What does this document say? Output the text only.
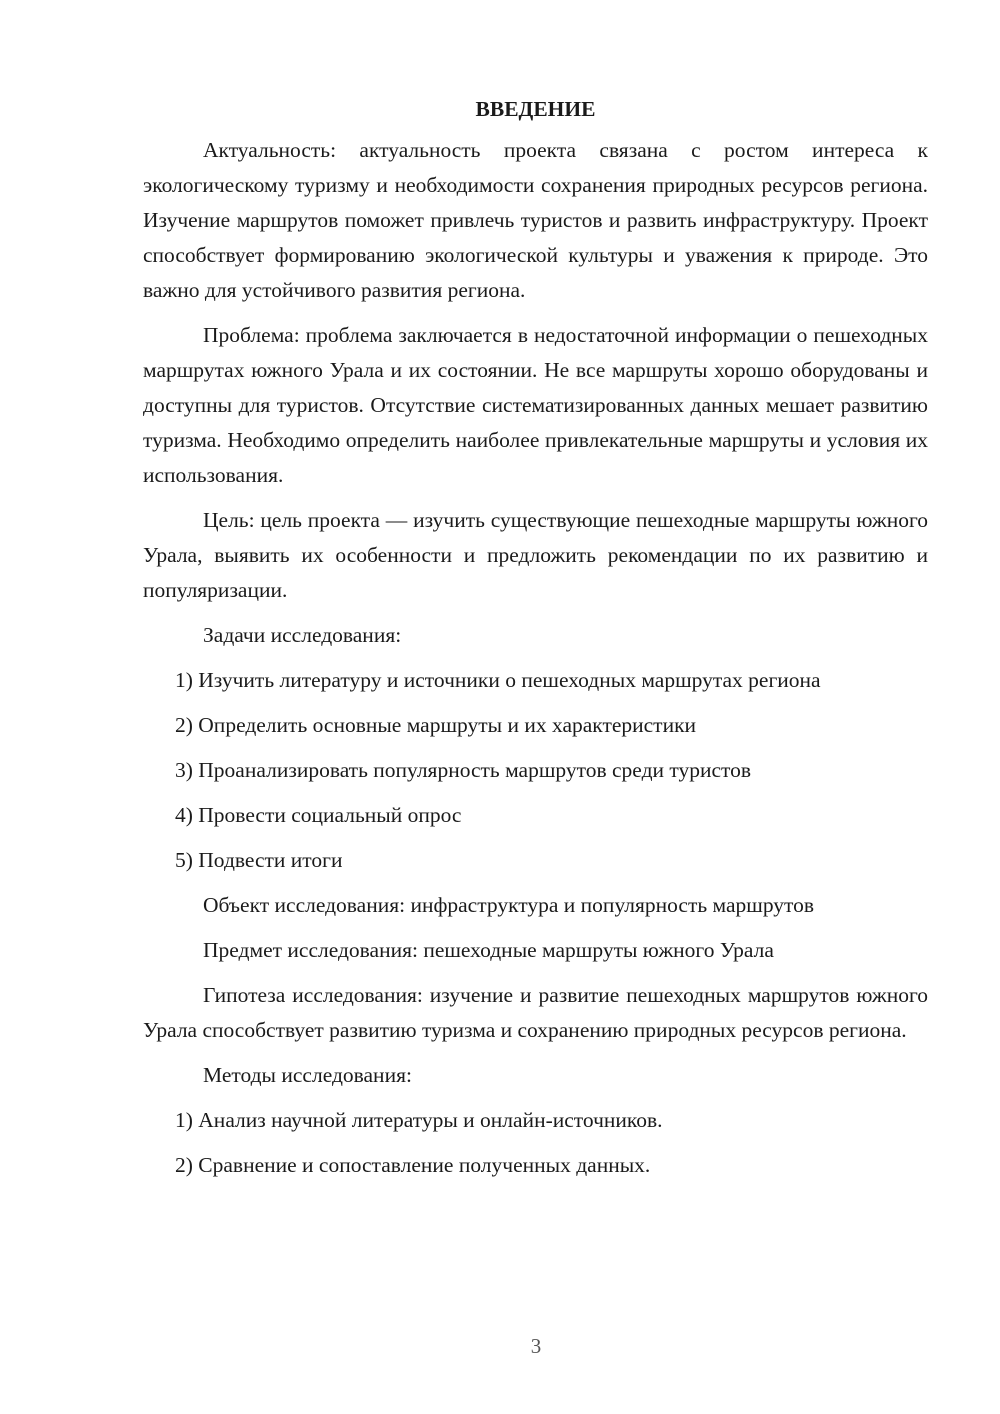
ВВЕДЕНИЕ

Актуальность: актуальность проекта связана с ростом интереса к экологическому туризму и необходимости сохранения природных ресурсов региона. Изучение маршрутов поможет привлечь туристов и развить инфраструктуру. Проект способствует формированию экологической культуры и уважения к природе. Это важно для устойчивого развития региона.

Проблема: проблема заключается в недостаточной информации о пешеходных маршрутах южного Урала и их состоянии. Не все маршруты хорошо оборудованы и доступны для туристов. Отсутствие систематизированных данных мешает развитию туризма. Необходимо определить наиболее привлекательные маршруты и условия их использования.

Цель: цель проекта — изучить существующие пешеходные маршруты южного Урала, выявить их особенности и предложить рекомендации по их развитию и популяризации.

Задачи исследования:
1) Изучить литературу и источники о пешеходных маршрутах региона
2) Определить основные маршруты и их характеристики
3) Проанализировать популярность маршрутов среди туристов
4) Провести социальный опрос
5) Подвести итоги
Объект исследования: инфраструктура и популярность маршрутов
Предмет исследования: пешеходные маршруты южного Урала

Гипотеза исследования: изучение и развитие пешеходных маршрутов южного Урала способствует развитию туризма и сохранению природных ресурсов региона.

Методы исследования:
1) Анализ научной литературы и онлайн-источников.
2) Сравнение и сопоставление полученных данных.
3
